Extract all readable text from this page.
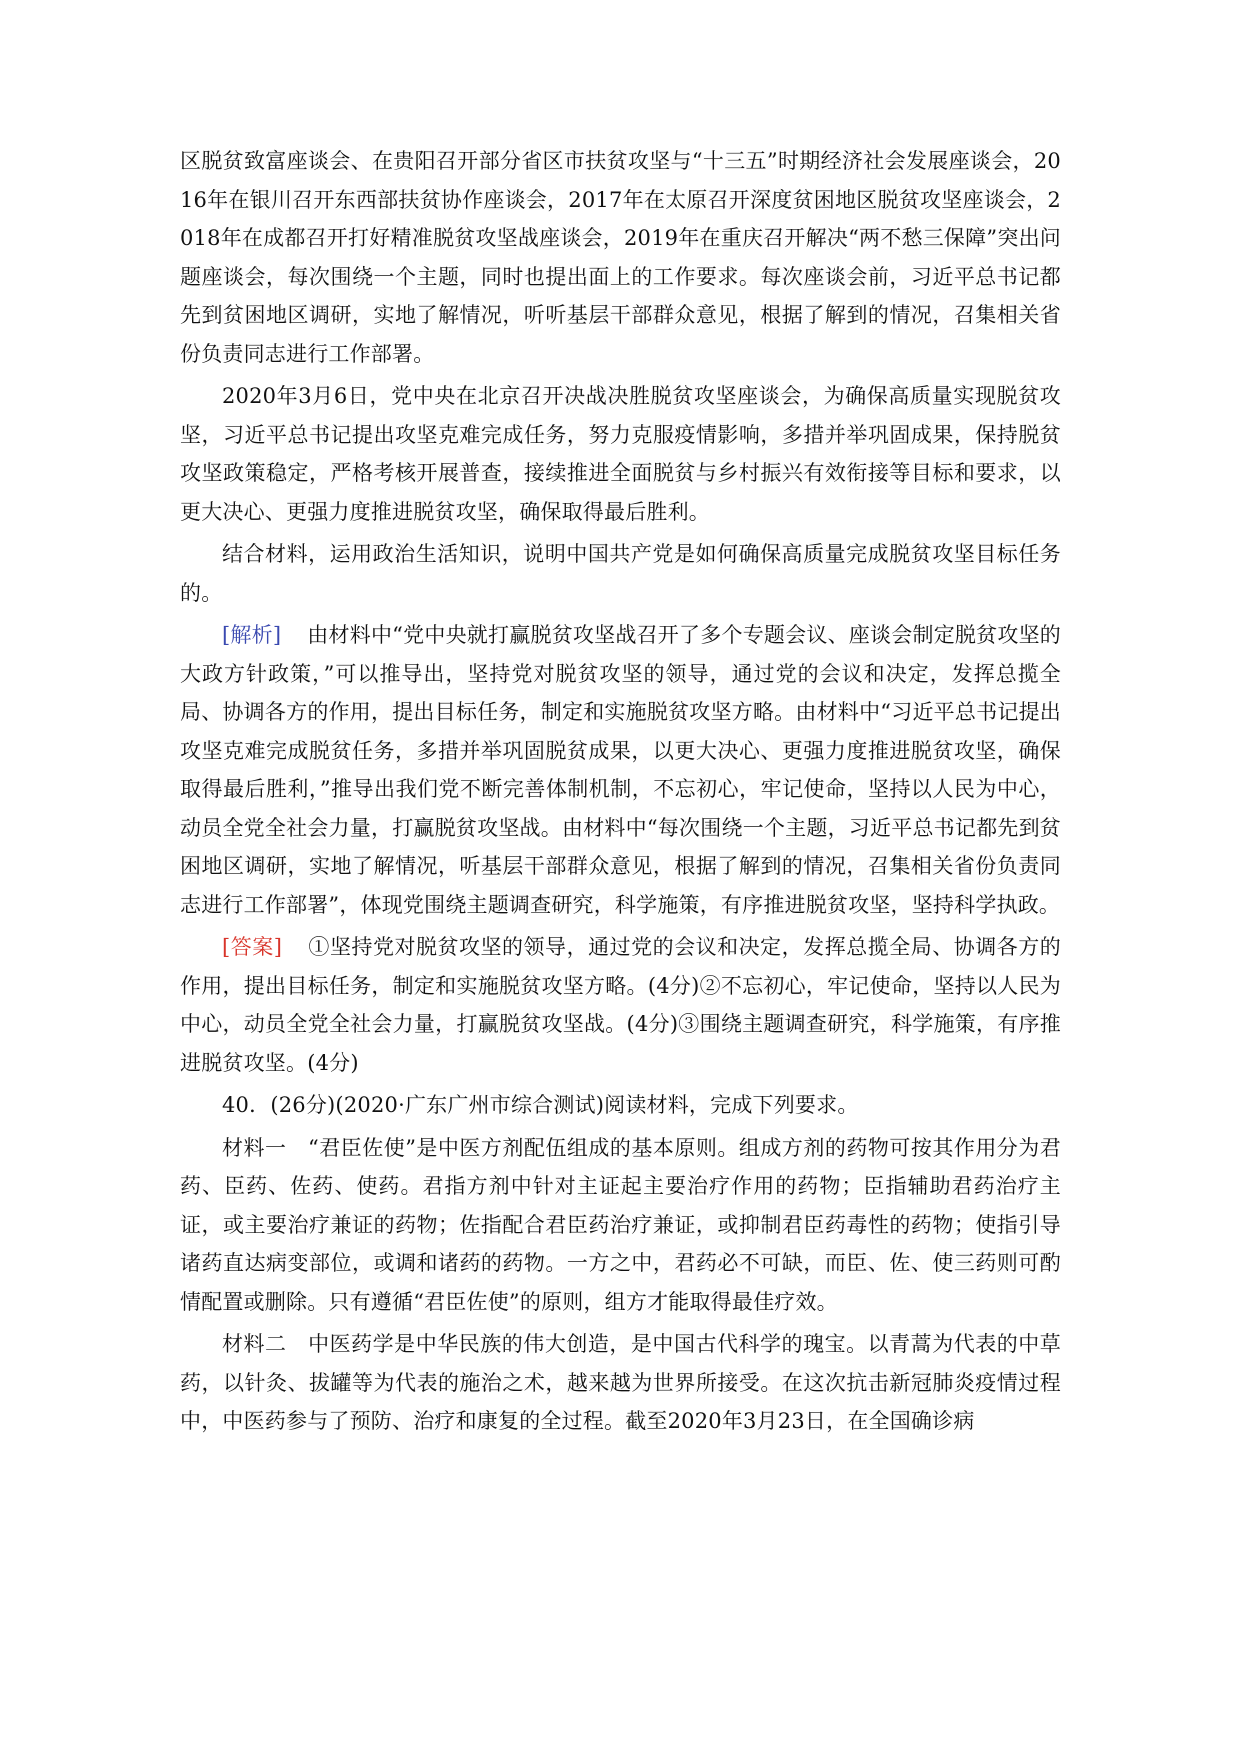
区脱贫致富座谈会、在贵阳召开部分省区市扶贫攻坚与“十三五”时期经济社会发展座谈会，2016年在银川召开东西部扶贫协作座谈会，2017年在太原召开深度贫困地区脱贫攻坚座谈会，2018年在成都召开打好精准脱贫攻坚战座谈会，2019年在重庆召开解决“两不愁三保障”突出问题座谈会，每次围绕一个主题，同时也提出面上的工作要求。每次座谈会前，习近平总书记都先到贫困地区调研，实地了解情况，听听基层干部群众意见，根据了解到的情况，召集相关省份负责同志进行工作部署。

2020年3月6日，党中央在北京召开决战决胜脱贫攻坚座谈会，为确保高质量实现脱贫攻坚，习近平总书记提出攻坚克难完成任务，努力克服疫情影响，多措并举巩固成果，保持脱贫攻坚政策稳定，严格考核开展普查，接续推进全面脱贫与乡村振兴有效衔接等目标和要求，以更大决心、更强力度推进脱贫攻坚，确保取得最后胜利。

结合材料，运用政治生活知识，说明中国共产党是如何确保高质量完成脱贫攻坚目标任务的。

[解析] 由材料中“党中央就打赢脱贫攻坚战召开了多个专题会议、座谈会制定脱贫攻坚的大政方针政策，”可以推导出，坚持党对脱贫攻坚的领导，通过党的会议和决定，发挥总揽全局、协调各方的作用，提出目标任务，制定和实施脱贫攻坚方略。由材料中“习近平总书记提出攻坚克难完成脱贫任务，多措并举巩固脱贫成果，以更大决心、更强力度推进脱贫攻坚，确保取得最后胜利，”推导出我们党不断完善体制机制，不忘初心，牢记使命，坚持以人民为中心，动员全党全社会力量，打赢脱贫攻坚战。由材料中“每次围绕一个主题，习近平总书记都先到贫困地区调研，实地了解情况，听基层干部群众意见，根据了解到的情况，召集相关省份负责同志进行工作部署”，体现党围绕主题调查研究，科学施策，有序推进脱贫攻坚，坚持科学执政。

[答案] ①坚持党对脱贫攻坚的领导，通过党的会议和决定，发挥总揽全局、协调各方的作用，提出目标任务，制定和实施脱贫攻坚方略。(4分)②不忘初心，牢记使命，坚持以人民为中心，动员全党全社会力量，打赢脱贫攻坚战。(4分)③围绕主题调查研究，科学施策，有序推进脱贫攻坚。(4分)

40．(26分)(2020·广东广州市综合测试)阅读材料，完成下列要求。

材料一　“君臣佐使”是中医方剂配伍组成的基本原则。组成方剂的药物可按其作用分为君药、臣药、佐药、使药。君指方剂中针对主证起主要治疗作用的药物；臣指辅助君药治疗主证，或主要治疗兼证的药物；佐指配合君臣药治疗兼证，或抑制君臣药毒性的药物；使指引导诸药直达病变部位，或调和诸药的药物。一方之中，君药必不可缺，而臣、佐、使三药则可酌情配置或删除。只有遵循“君臣佐使”的原则，组方才能取得最佳疗效。

材料二　中医药学是中华民族的伟大创造，是中国古代科学的瑰宝。以青蒿为代表的中草药，以针灸、拔罐等为代表的施治之术，越来越为世界所接受。在这次抗击新冠肺炎疫情过程中，中医药参与了预防、治疗和康复的全过程。截至2020年3月23日，在全国确诊病
